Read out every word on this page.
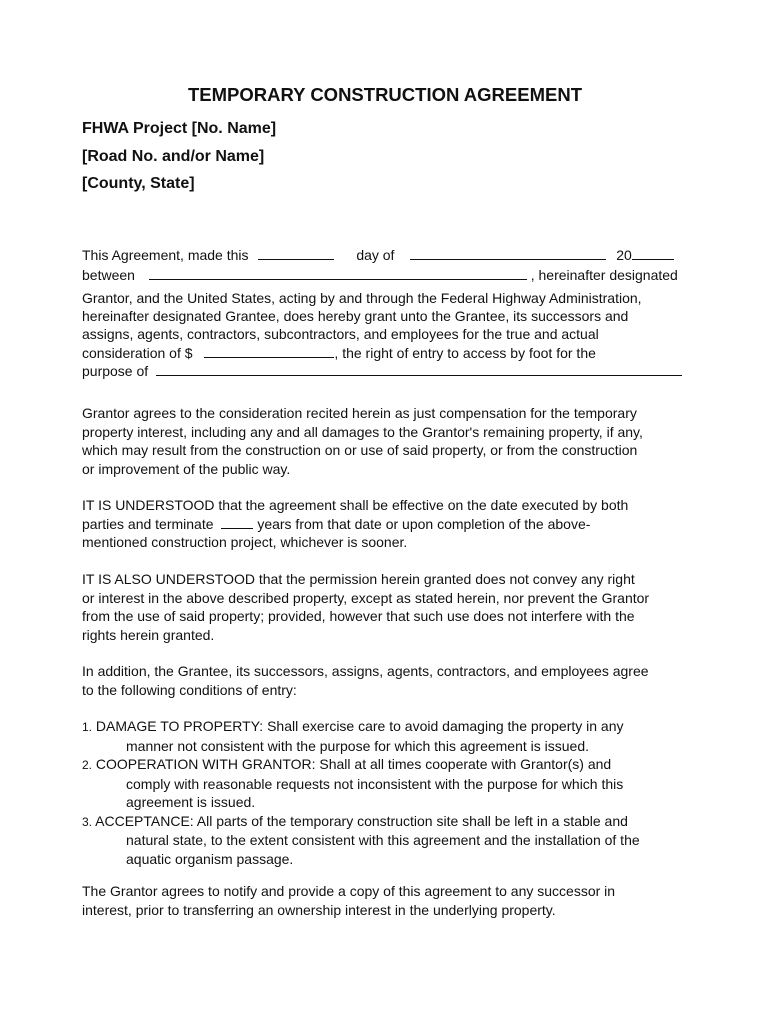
TEMPORARY CONSTRUCTION AGREEMENT
FHWA Project [No. Name]
[Road No. and/or Name]
[County, State]
This Agreement, made this	day of	20
between	, hereinafter designated
Grantor, and the United States, acting by and through the Federal Highway Administration,
hereinafter designated Grantee, does hereby grant unto the Grantee, its successors and
assigns, agents, contractors, subcontractors, and employees for the true and actual
consideration of $	, the right of entry to access by foot for the
purpose of
Grantor agrees to the consideration recited herein as just compensation for the temporary
property interest, including any and all damages to the Grantor's remaining property, if any,
which may result from the construction on or use of said property, or from the construction
or improvement of the public way.
IT IS UNDERSTOOD that the agreement shall be effective on the date executed by both
parties and terminate	years from that date or upon completion of the above-
mentioned construction project, whichever is sooner.
IT IS ALSO UNDERSTOOD that the permission herein granted does not convey any right
or interest in the above described property, except as stated herein, nor prevent the Grantor
from the use of said property; provided, however that such use does not interfere with the
rights herein granted.
In addition, the Grantee, its successors, assigns, agents, contractors, and employees agree
to the following conditions of entry:
1. DAMAGE TO PROPERTY: Shall exercise care to avoid damaging the property in any
manner not consistent with the purpose for which this agreement is issued.
2. COOPERATION WITH GRANTOR: Shall at all times cooperate with Grantor(s) and
comply with reasonable requests not inconsistent with the purpose for which this
agreement is issued.
3. ACCEPTANCE: All parts of the temporary construction site shall be left in a stable and
natural state, to the extent consistent with this agreement and the installation of the
aquatic organism passage.
The Grantor agrees to notify and provide a copy of this agreement to any successor in
interest, prior to transferring an ownership interest in the underlying property.
